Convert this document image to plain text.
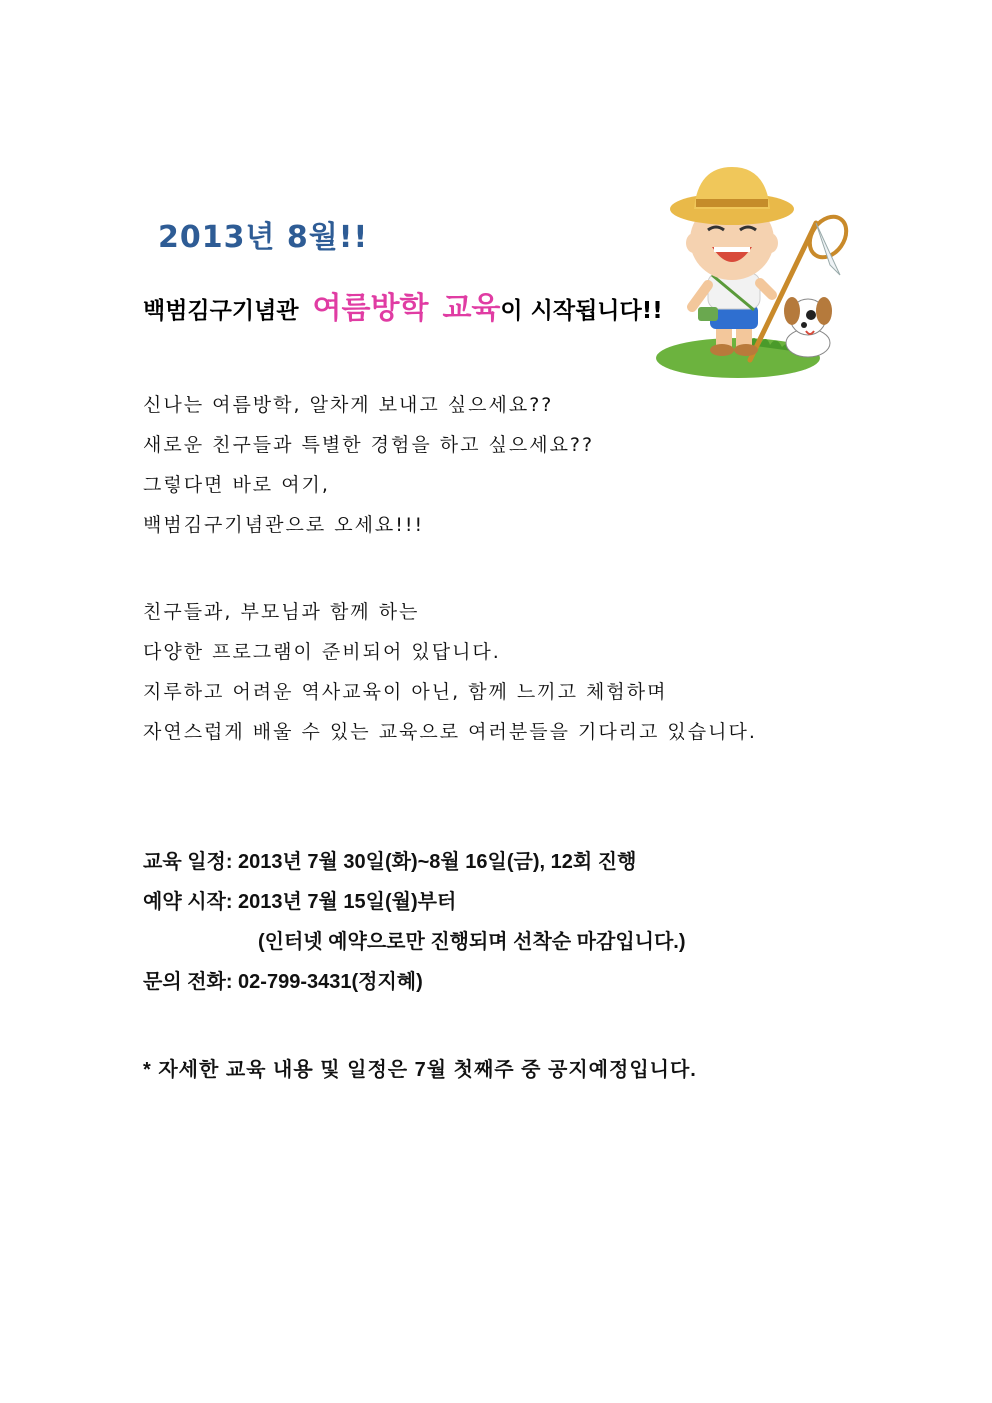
2013년 8월!!
백범김구기념관 여름방학 교육이 시작됩니다!!

신나는 여름방학, 알차게 보내고 싶으세요??

새로운 친구들과 특별한 경험을 하고 싶으세요??

그렇다면 바로 여기,

백범김구기념관으로 오세요!!!

친구들과, 부모님과 함께 하는

다양한 프로그램이 준비되어 있답니다.

지루하고 어려운 역사교육이 아닌, 함께 느끼고 체험하며

자연스럽게 배울 수 있는 교육으로 여러분들을 기다리고 있습니다.

교육 일정: 2013년 7월 30일(화)~8월 16일(금), 12회 진행

예약 시작: 2013년 7월 15일(월)부터

(인터넷 예약으로만 진행되며 선착순 마감입니다.)

문의 전화: 02-799-3431(정지혜)

* 자세한 교육 내용 및 일정은 7월 첫째주 중 공지예정입니다.
